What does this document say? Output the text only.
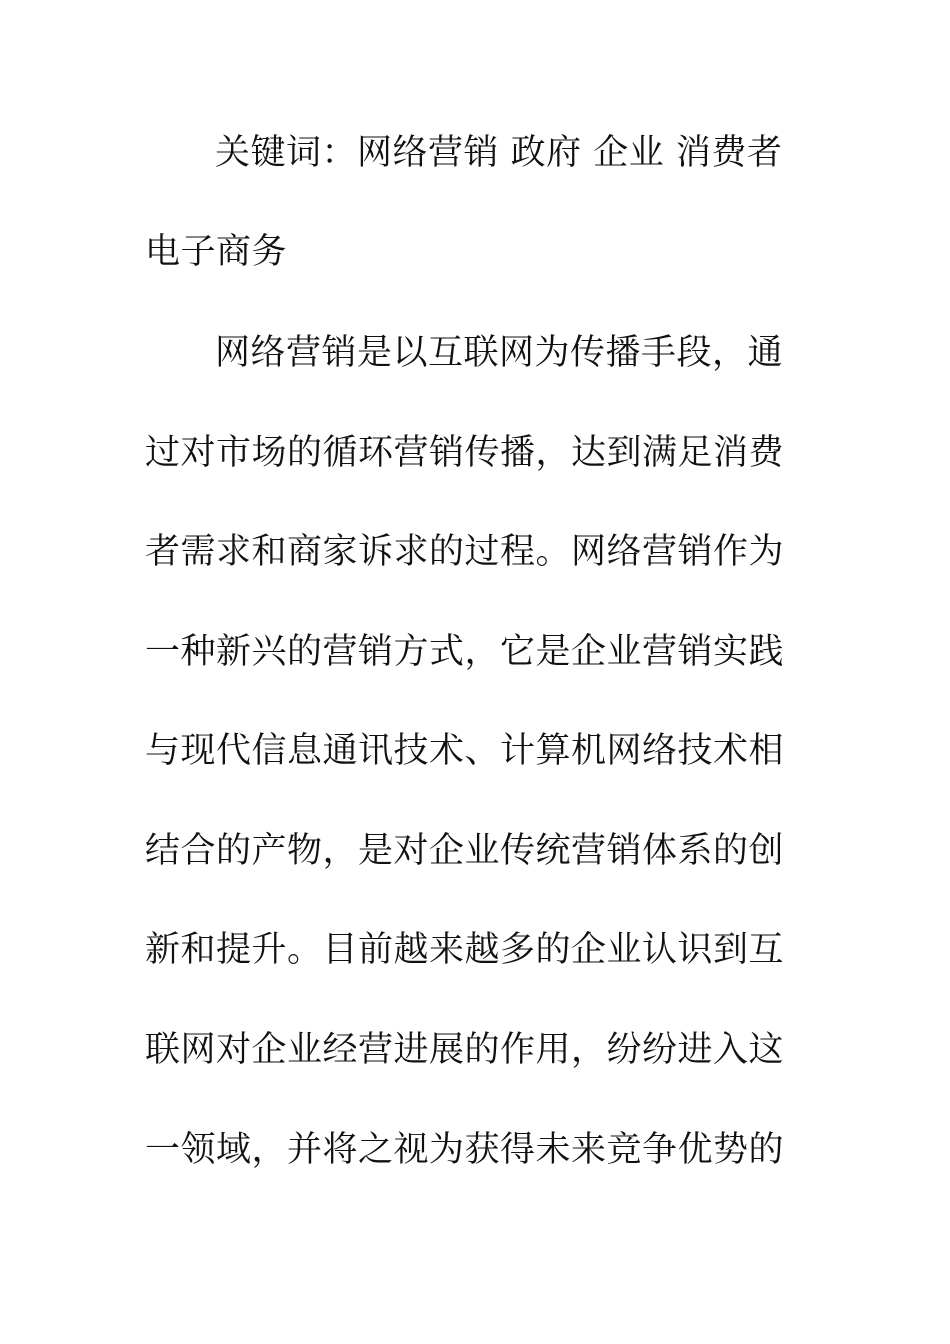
关键词：网络营销 政府 企业 消费者
电子商务
网络营销是以互联网为传播手段，通
过对市场的循环营销传播，达到满足消费
者需求和商家诉求的过程。网络营销作为
一种新兴的营销方式，它是企业营销实践
与现代信息通讯技术、计算机网络技术相
结合的产物，是对企业传统营销体系的创
新和提升。目前越来越多的企业认识到互
联网对企业经营进展的作用，纷纷进入这
一领域，并将之视为获得未来竞争优势的
